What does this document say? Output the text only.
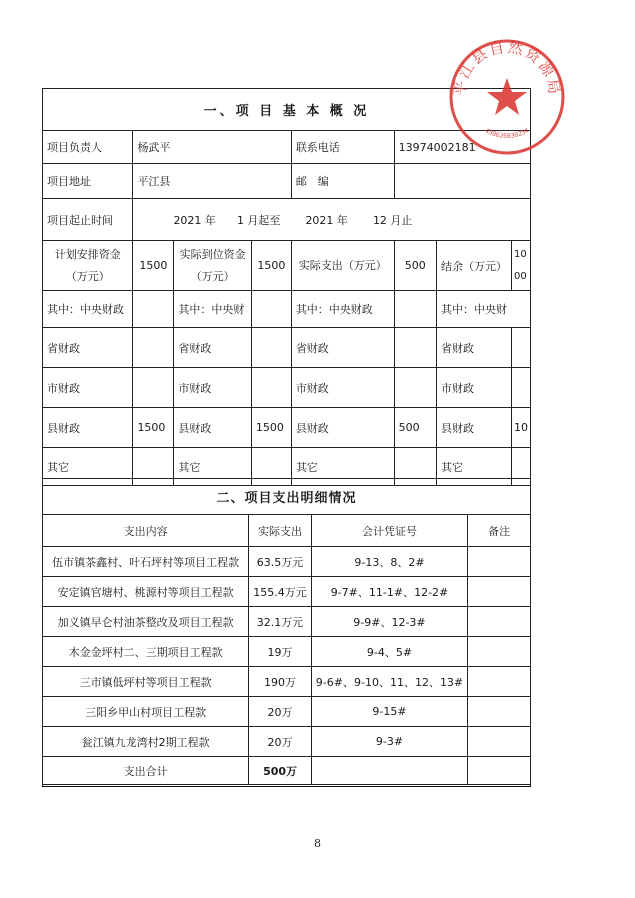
一、项 目 基 本 概 况							
项目负责人	杨武平			联系电话	13974002181		
项目地址	平江县			邮　编			
项目起止时间	2021 年 1 月起至 2021 年 12 月止						
计划安排资金（万元）	1500	实际到位资金（万元）	1500	实际支出（万元）	500	结余（万元）	1000
其中：中央财政		其中：中央财		其中：中央财政		其中：中央财	
省财政		省财政		省财政		省财政	
市财政		市财政		市财政		市财政	
县财政	1500	县财政	1500	县财政	500	县财政	10
其它		其它		其它		其它	
二、项目支出明细情况			
支出内容	实际支出	会计凭证号	备注
伍市镇茶鑫村、叶石坪村等项目工程款	63.5万元	9-13、8、2#	
安定镇官塘村、桃源村等项目工程款	155.4万元	9-7#、11-1#、12-2#	
加义镇早仑村油茶整改及项目工程款	32.1万元	9-9#、12-3#	
木金金坪村二、三期项目工程款	19万	9-4、5#	
三市镇低坪村等项目工程款	190万	9-6#、9-10、11、12、13#	
三阳乡甲山村项目工程款	20万	9-15#	
瓮江镇九龙湾村2期工程款	20万	9-3#	
支出合计	500万		
平江县自然资源局
430626030254
8
